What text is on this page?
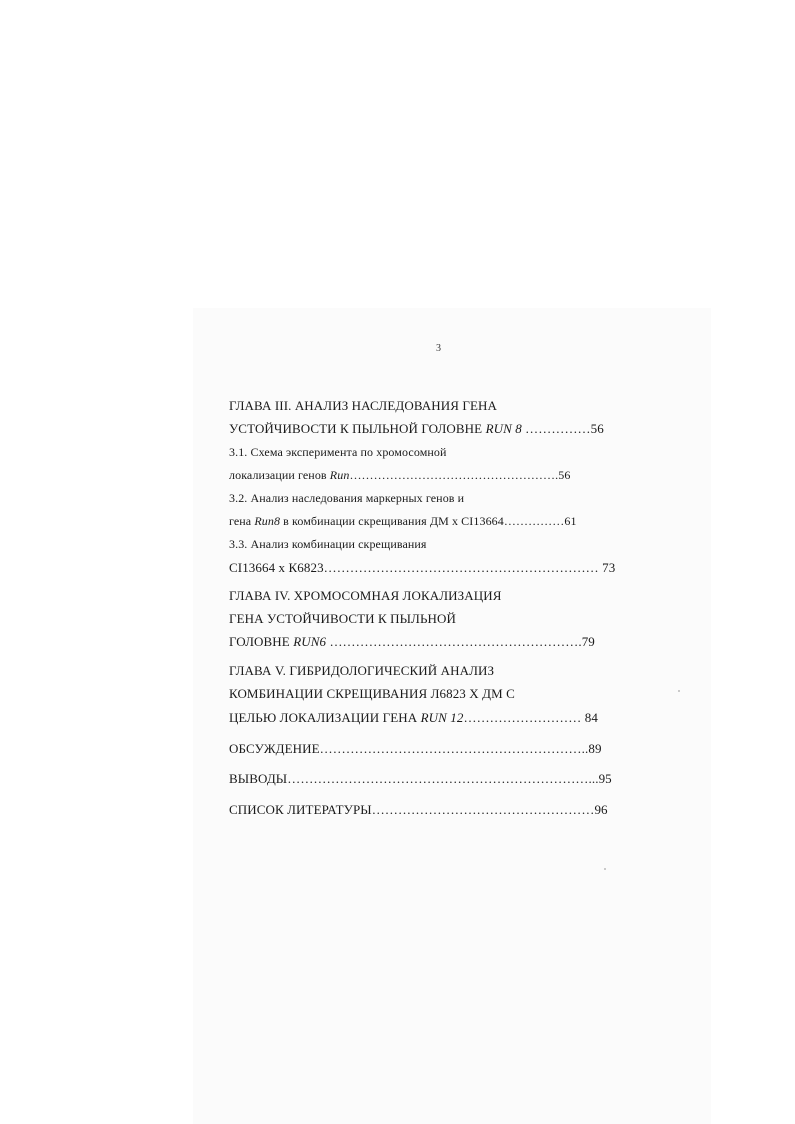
3
ГЛАВА III. АНАЛИЗ НАСЛЕДОВАНИЯ ГЕНА
УСТОЙЧИВОСТИ К ПЫЛЬНОЙ ГОЛОВНЕ RUN 8 ……………56
3.1. Схема эксперимента по хромосомной
локализации генов Run…………………………………………….56
3.2. Анализ наследования маркерных генов и
гена Run8 в комбинации скрещивания ДМ х СI13664……………61
3.3. Анализ комбинации скрещивания
СI13664 х К6823……………………………………………………… 73
ГЛАВА IV. ХРОМОСОМНАЯ ЛОКАЛИЗАЦИЯ
ГЕНА УСТОЙЧИВОСТИ К ПЫЛЬНОЙ
ГОЛОВНЕ RUN6 ………………………………………………….79
ГЛАВА V. ГИБРИДОЛОГИЧЕСКИЙ АНАЛИЗ
КОМБИНАЦИИ СКРЕЩИВАНИЯ Л6823 Х ДМ С
ЦЕЛЬЮ ЛОКАЛИЗАЦИИ ГЕНА RUN 12……………………… 84
ОБСУЖДЕНИЕ……………………………………………………..89
ВЫВОДЫ……………………………………………………………...95
СПИСОК ЛИТЕРАТУРЫ……………………………………………96
